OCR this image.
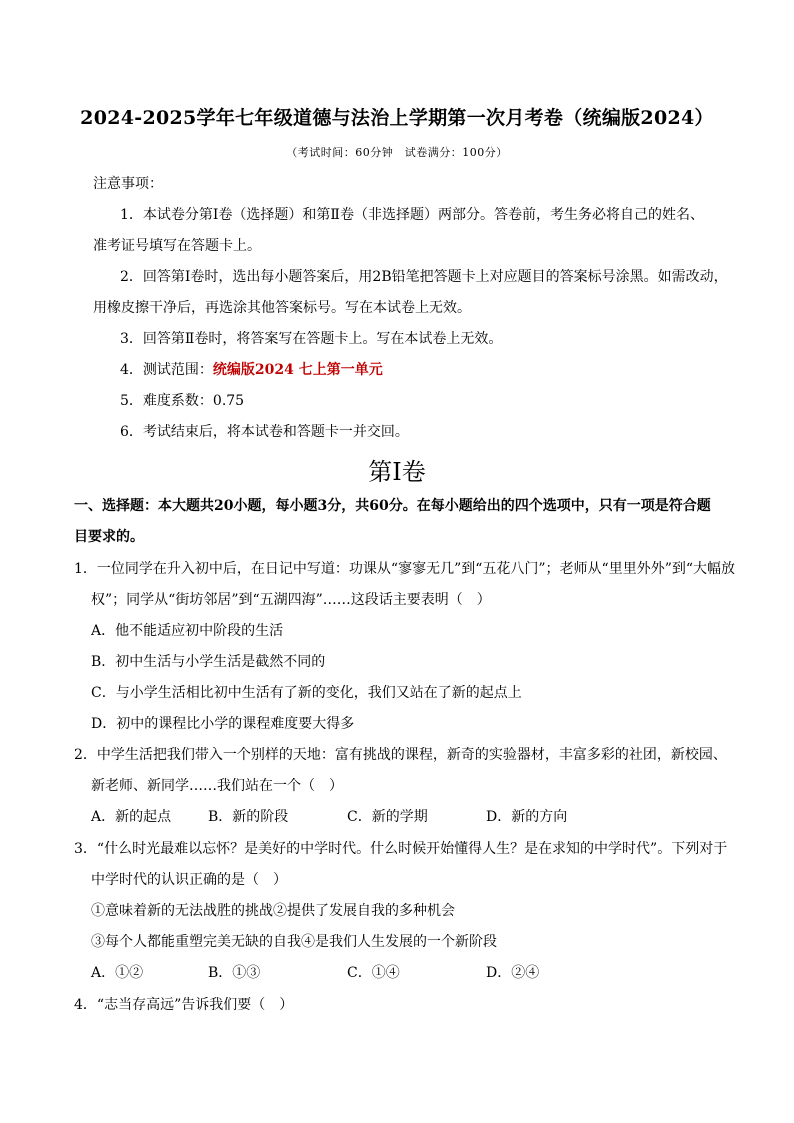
2024-2025学年七年级道德与法治上学期第一次月考卷（统编版2024）
（考试时间：60分钟　试卷满分：100分）
注意事项：
1．本试卷分第Ⅰ卷（选择题）和第Ⅱ卷（非选择题）两部分。答卷前，考生务必将自己的姓名、
准考证号填写在答题卡上。
2．回答第Ⅰ卷时，选出每小题答案后，用2B铅笔把答题卡上对应题目的答案标号涂黑。如需改动，
用橡皮擦干净后，再选涂其他答案标号。写在本试卷上无效。
3．回答第Ⅱ卷时，将答案写在答题卡上。写在本试卷上无效。
4．测试范围：统编版2024 七上第一单元
5．难度系数：0.75
6．考试结束后，将本试卷和答题卡一并交回。
第Ⅰ卷
一、选择题：本大题共20小题，每小题3分，共60分。在每小题给出的四个选项中，只有一项是符合题
目要求的。
1．一位同学在升入初中后，在日记中写道：功课从“寥寥无几”到“五花八门”；老师从“里里外外”到“大幅放
权”；同学从“街坊邻居”到“五湖四海”……这段话主要表明（　）
A．他不能适应初中阶段的生活
B．初中生活与小学生活是截然不同的
C．与小学生活相比初中生活有了新的变化，我们又站在了新的起点上
D．初中的课程比小学的课程难度要大得多
2．中学生活把我们带入一个别样的天地：富有挑战的课程，新奇的实验器材，丰富多彩的社团，新校园、
新老师、新同学……我们站在一个（　）
A．新的起点	B．新的阶段	C．新的学期	D．新的方向
3．“什么时光最难以忘怀？是美好的中学时代。什么时候开始懂得人生？是在求知的中学时代”。下列对于
中学时代的认识正确的是（　）
①意味着新的无法战胜的挑战②提供了发展自我的多种机会
③每个人都能重塑完美无缺的自我④是我们人生发展的一个新阶段
A．①②	B．①③	C．①④	D．②④
4．“志当存高远”告诉我们要（　）
